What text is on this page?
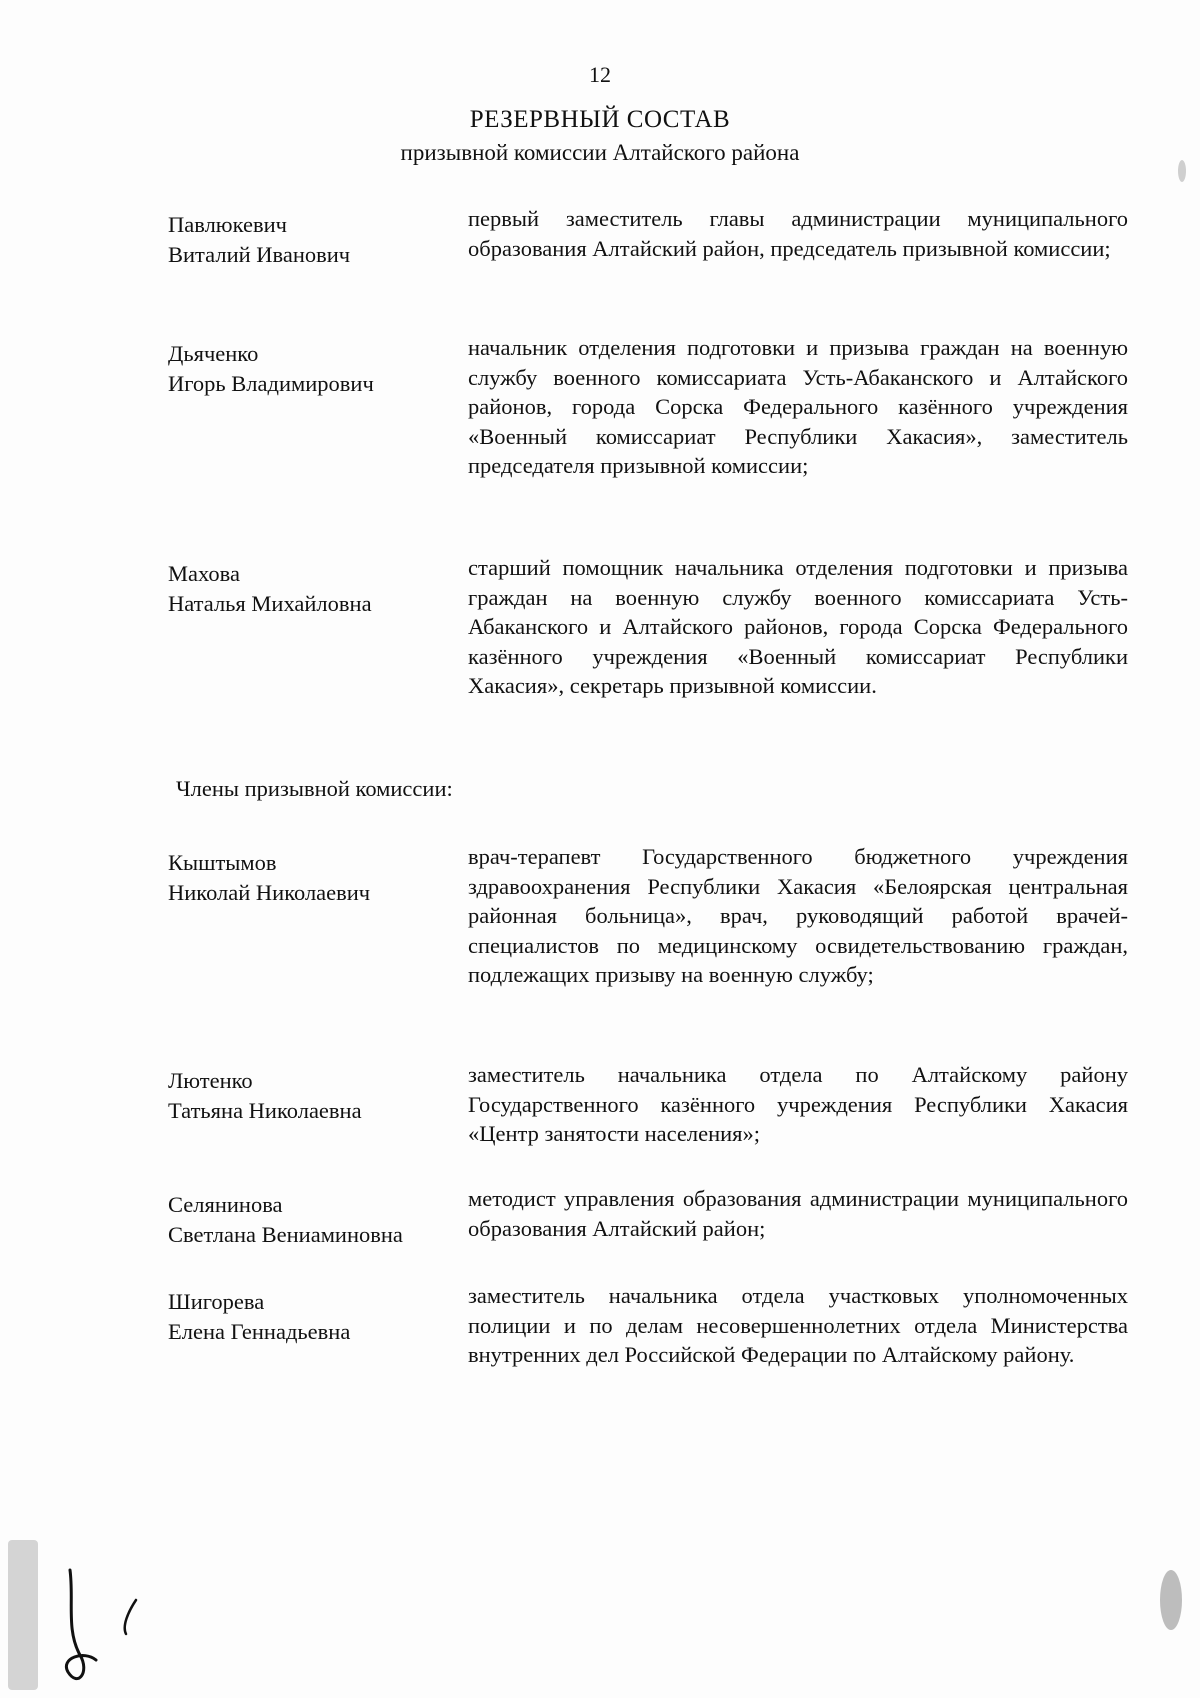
12
РЕЗЕРВНЫЙ СОСТАВ
призывной комиссии Алтайского района
Павлюкевич
Виталий Иванович
первый заместитель главы администрации муниципального образования Алтайский район, председатель призывной комиссии;
Дьяченко
Игорь Владимирович
начальник отделения подготовки и призыва граждан на военную службу военного комиссариата Усть-Абаканского и Алтайского районов, города Сорска Федерального казённого учреждения «Военный комиссариат Республики Хакасия», заместитель председателя призывной комиссии;
Махова
Наталья Михайловна
старший помощник начальника отделения подготовки и призыва граждан на военную службу военного комиссариата Усть-Абаканского и Алтайского районов, города Сорска Федерального казённого учреждения «Военный комиссариат Республики Хакасия», секретарь призывной комиссии.
Члены призывной комиссии:
Кыштымов
Николай Николаевич
врач-терапевт Государственного бюджетного учреждения здравоохранения Республики Хакасия «Белоярская центральная районная больница», врач, руководящий работой врачей-специалистов по медицинскому освидетельствованию граждан, подлежащих призыву на военную службу;
Лютенко
Татьяна Николаевна
заместитель начальника отдела по Алтайскому району Государственного казённого учреждения Республики Хакасия «Центр занятости населения»;
Селянинова
Светлана Вениаминовна
методист управления образования администрации муниципального образования Алтайский район;
Шигорева
Елена Геннадьевна
заместитель начальника отдела участковых уполномоченных полиции и по делам несовершеннолетних отдела Министерства внутренних дел Российской Федерации по Алтайскому району.
